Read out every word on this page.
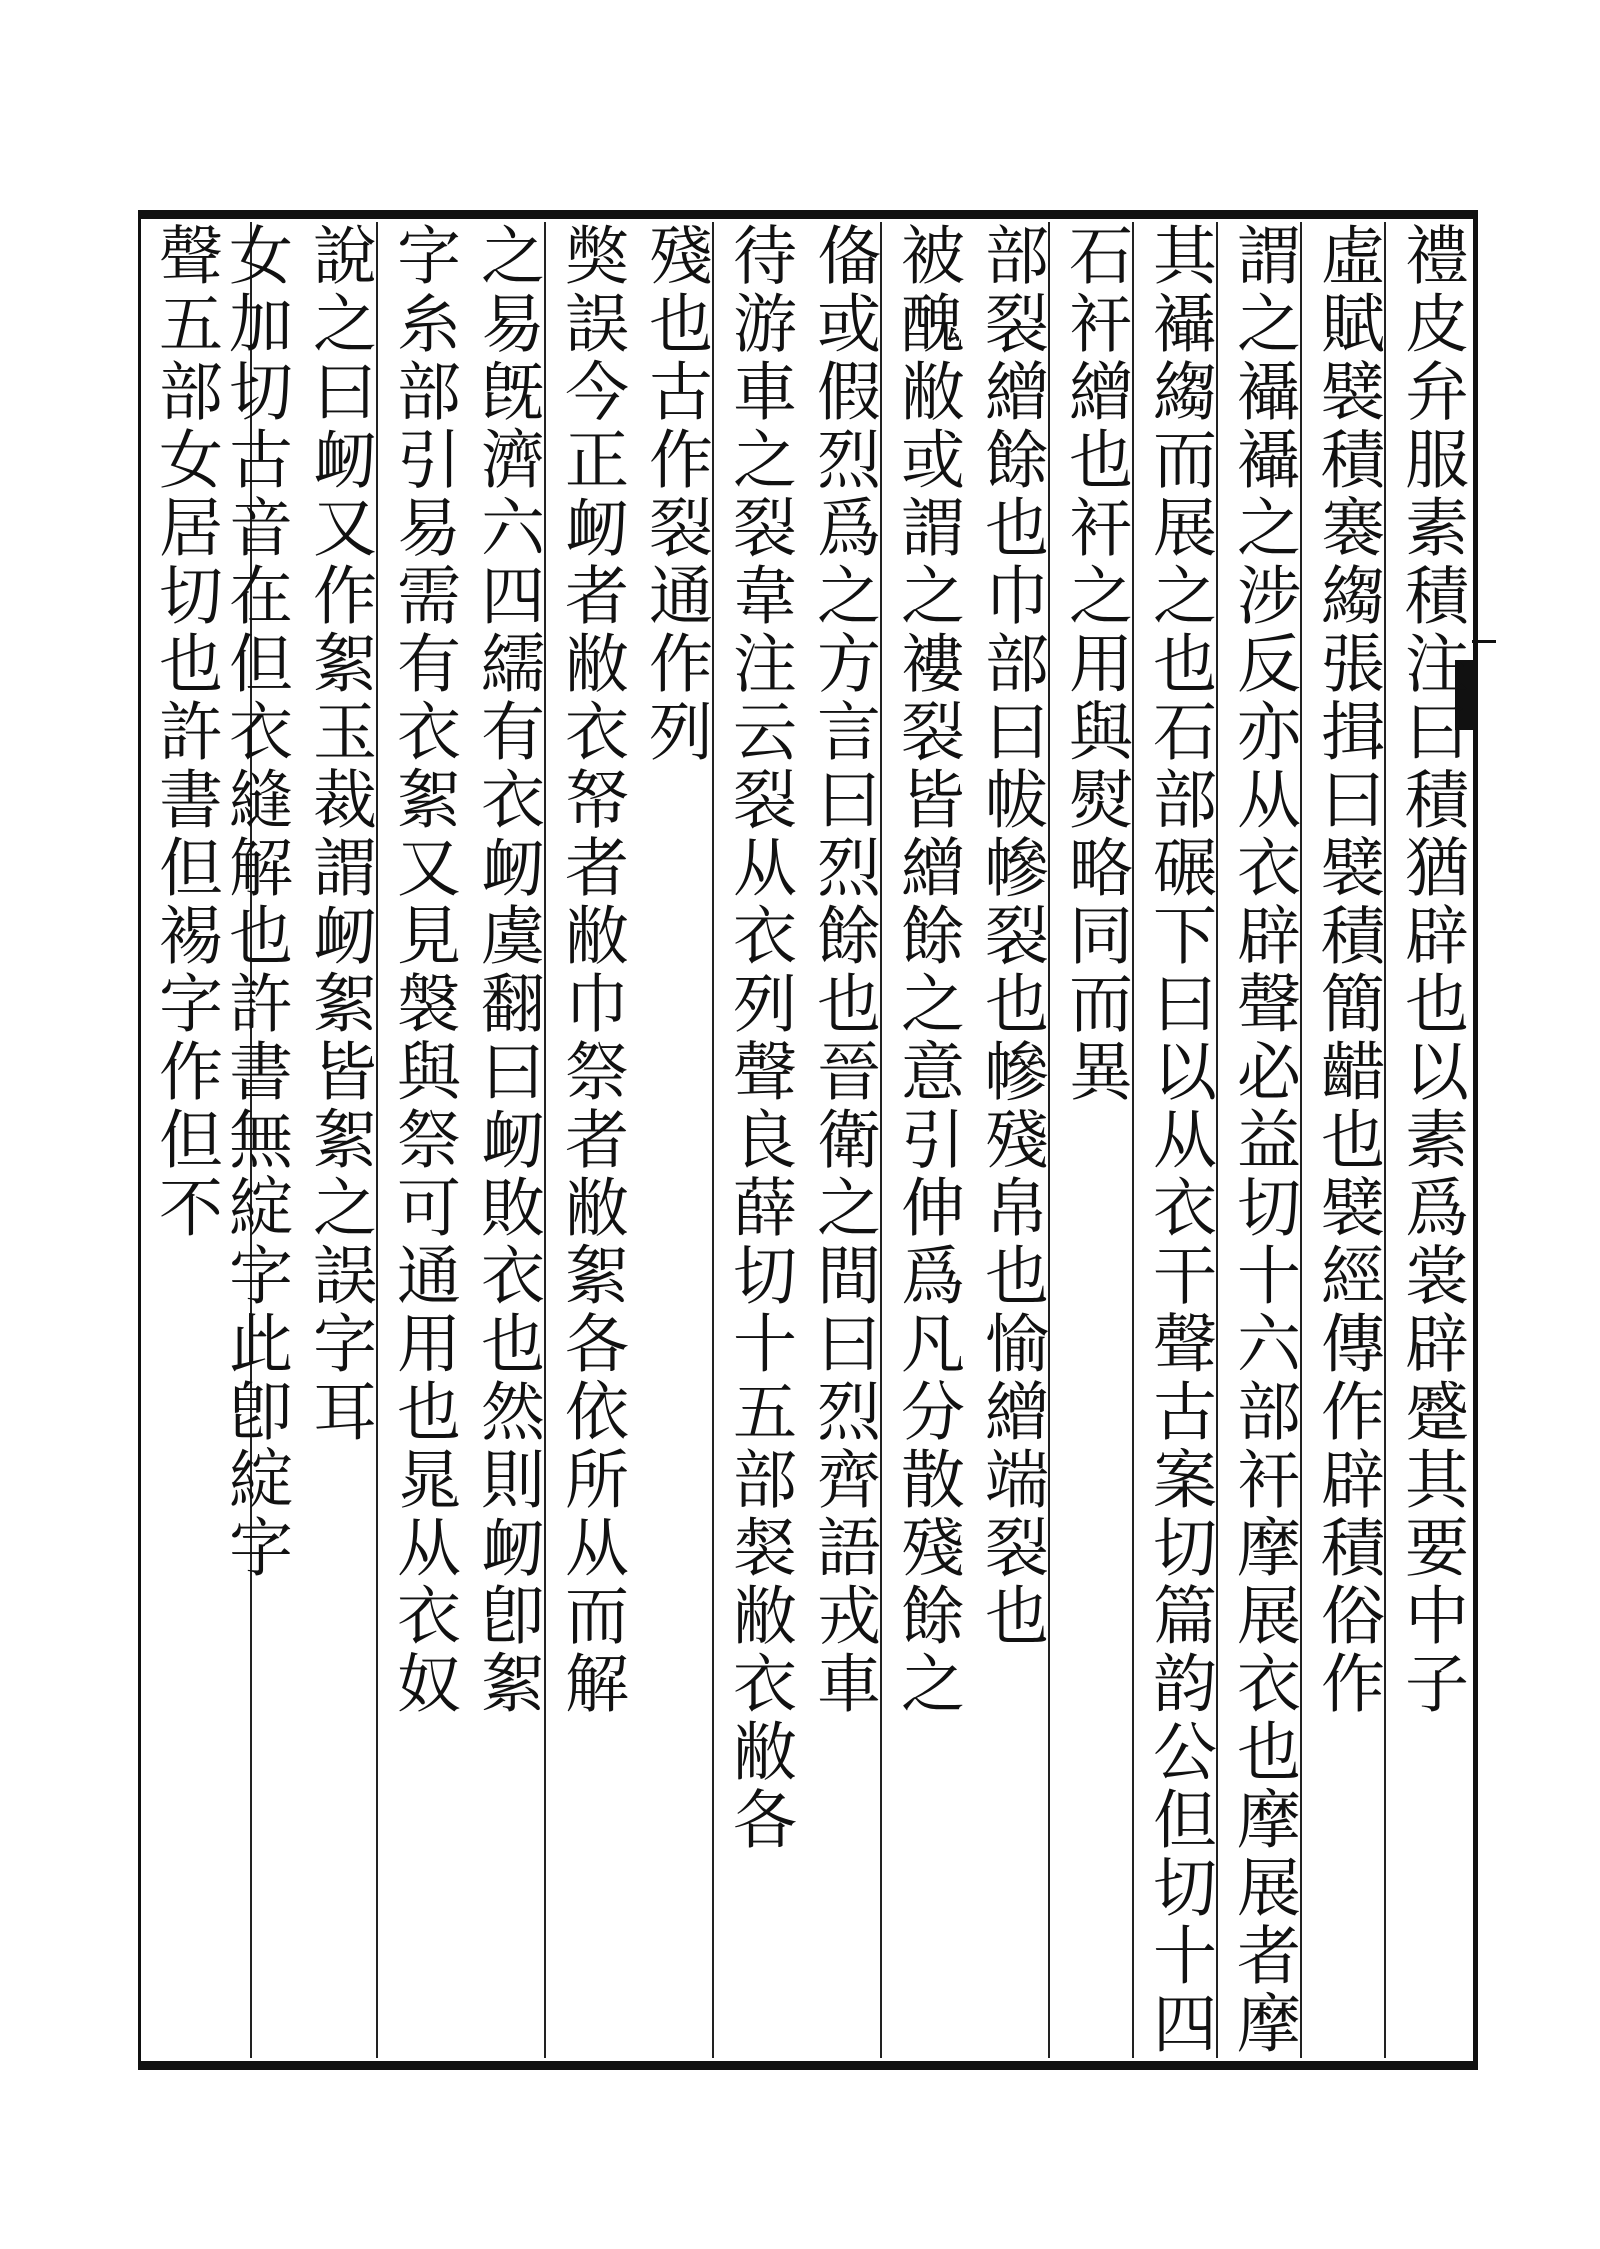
禮皮弁服素積注曰積猶辟也以素爲裳辟蹙其要中子
虛賦襞積褰縐張揖曰襞積簡齰也襞經傳作辟積俗作
謂之襵襵之涉反亦从衣辟聲必益切十六部衦摩展衣也摩展者摩
其襵縐而展之也石部碾下曰以从衣干聲古案切篇韵公但切十四
石衦繒也衦之用與熨略同而異
部裂繒餘也巾部曰帗幓裂也幓殘帛也愉繒端裂也
被醜敝或謂之褸裂皆繒餘之意引伸爲凡分散殘餘之
俻或假烈爲之方言曰烈餘也晉衛之間曰烈齊語戎車
待游車之裂韋注云裂从衣列聲良薛切十五部裻敝衣敝各
殘也古作裂通作列
獘誤今正衂者敝衣帑者敝巾祭者敝絮各依所从而解
之易旣濟六四繻有衣衂虞翻曰衂敗衣也然則衂卽絮
字糸部引易需有衣絮又見褩與祭可通用也晁从衣奴
說之曰衂又作絮玉裁謂衂絮皆絮之誤字耳
女加切古音在但衣縫解也許書無綻字此卽綻字
聲五部女居切也許書但裼字作但不
